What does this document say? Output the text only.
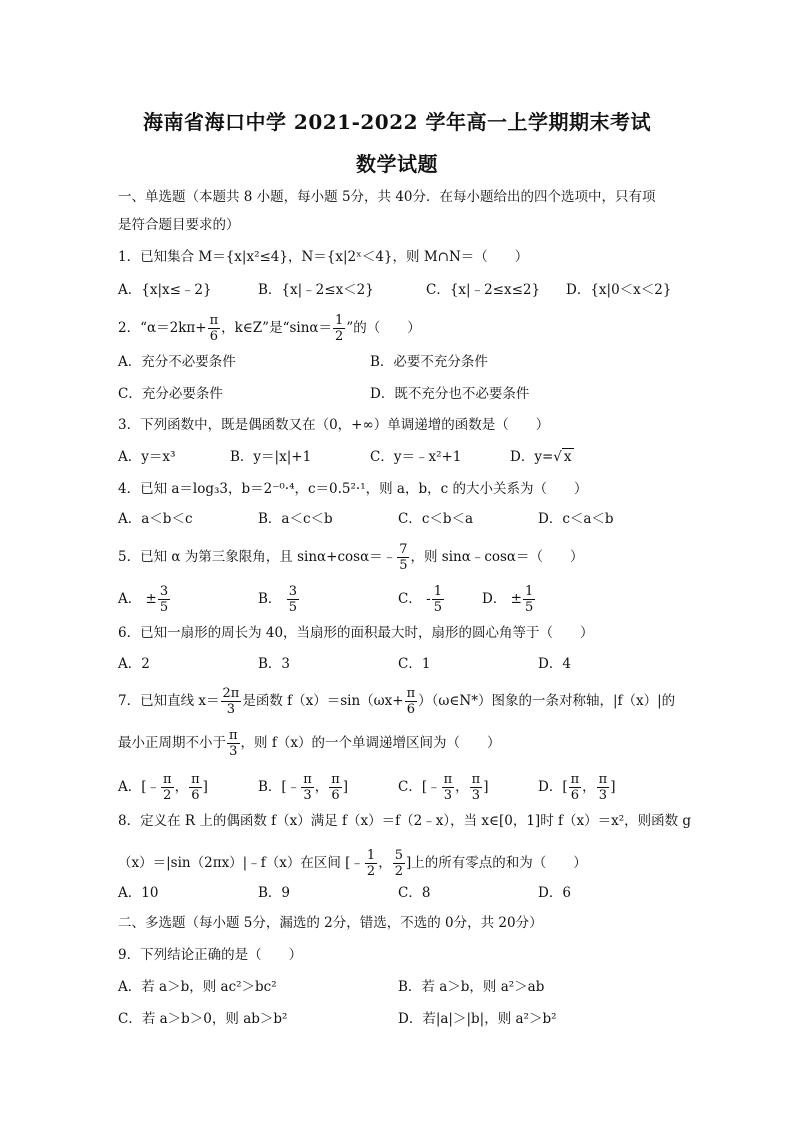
海南省海口中学 2021-2022 学年高一上学期期末考试
数学试题
一、单选题（本题共 8 小题，每小题 5分，共 40分．在每小题给出的四个选项中，只有项
是符合题目要求的）
1．已知集合 M＝{x|x²≤4}，N＝{x|2ˣ＜4}，则 M∩N＝（　　）
A．{x|x≤﹣2}	B．{x|﹣2≤x＜2}	C．{x|﹣2≤x≤2} D．{x|0＜x＜2}
2．“$\alpha=2k\pi+ \frac{\pi}{6}$ ，k∈Z”是“$\sin\alpha= \frac{1}{2}$ ”的（　　）
A．充分不必要条件	B．必要不充分条件
C．充分必要条件	D．既不充分也不必要条件
3．下列函数中，既是偶函数又在（0，+∞）单调递增的函数是（　　）
A．y＝x³	B．y＝|x|+1	C．y＝﹣x²+1	D．y=√ x
4．已知 a＝log₃3，b＝2⁻⁰·⁴，c＝0.5²·¹，则 a，b，c 的大小关系为（　　）
A．a＜b＜c	B．a＜c＜b	C．c＜b＜a	D．c＜a＜b
5．已知 α 为第三象限角，且 sinα+cosα＝﹣ $\frac{7}{5}$ ，则 sinα﹣cosα＝（　　）
A． ± $\frac{3}{5}$	B． $\frac{3}{5}$	C． - $\frac{1}{5}$	D． ± $\frac{1}{5}$
6．已知一扇形的周长为 40，当扇形的面积最大时，扇形的圆心角等于（　　）
A．2	B．3	C．1	D．4
7．已知直线 $x= \frac{2\pi}{3}$ 是函数 $f(x)=\sin(\omega x+ \frac{\pi}{6}$ ）（ω∈N*）图象的一条对称轴，|f（x）|的
最小正周期不小于 $\frac{\pi}{3}$ ，则 f（x）的一个单调递增区间为（　　）
A．[﹣ $\frac{\pi}{2}$ ， $\frac{\pi}{6}$ ]	B．[﹣ $\frac{\pi}{3}$ ， $\frac{\pi}{6}$ ]	C．[﹣ $\frac{\pi}{3}$ ， $\frac{\pi}{3}$ ]	D．[ $\frac{\pi}{6}$ ， $\frac{\pi}{3}$ ]
8．定义在 R 上的偶函数 f（x）满足 f（x）＝f（2﹣x），当 x∈[0，1]时 f（x）＝x²，则函数 g
（x）＝|sin（2πx）|﹣f（x）在区间 [﹣ $\frac{1}{2}$ ， $\frac{5}{2}$ ]上的所有零点的和为（　　）
A．10	B．9	C．8	D．6
二、多选题（每小题 5分，漏选的 2分，错选，不选的 0分，共 20分）
9．下列结论正确的是（　　）
A．若 a＞b，则 ac²＞bc²	B．若 a＞b，则 a²＞ab
C．若 a＞b＞0，则 ab＞b²	D．若|a|＞|b|，则 a²＞b²
